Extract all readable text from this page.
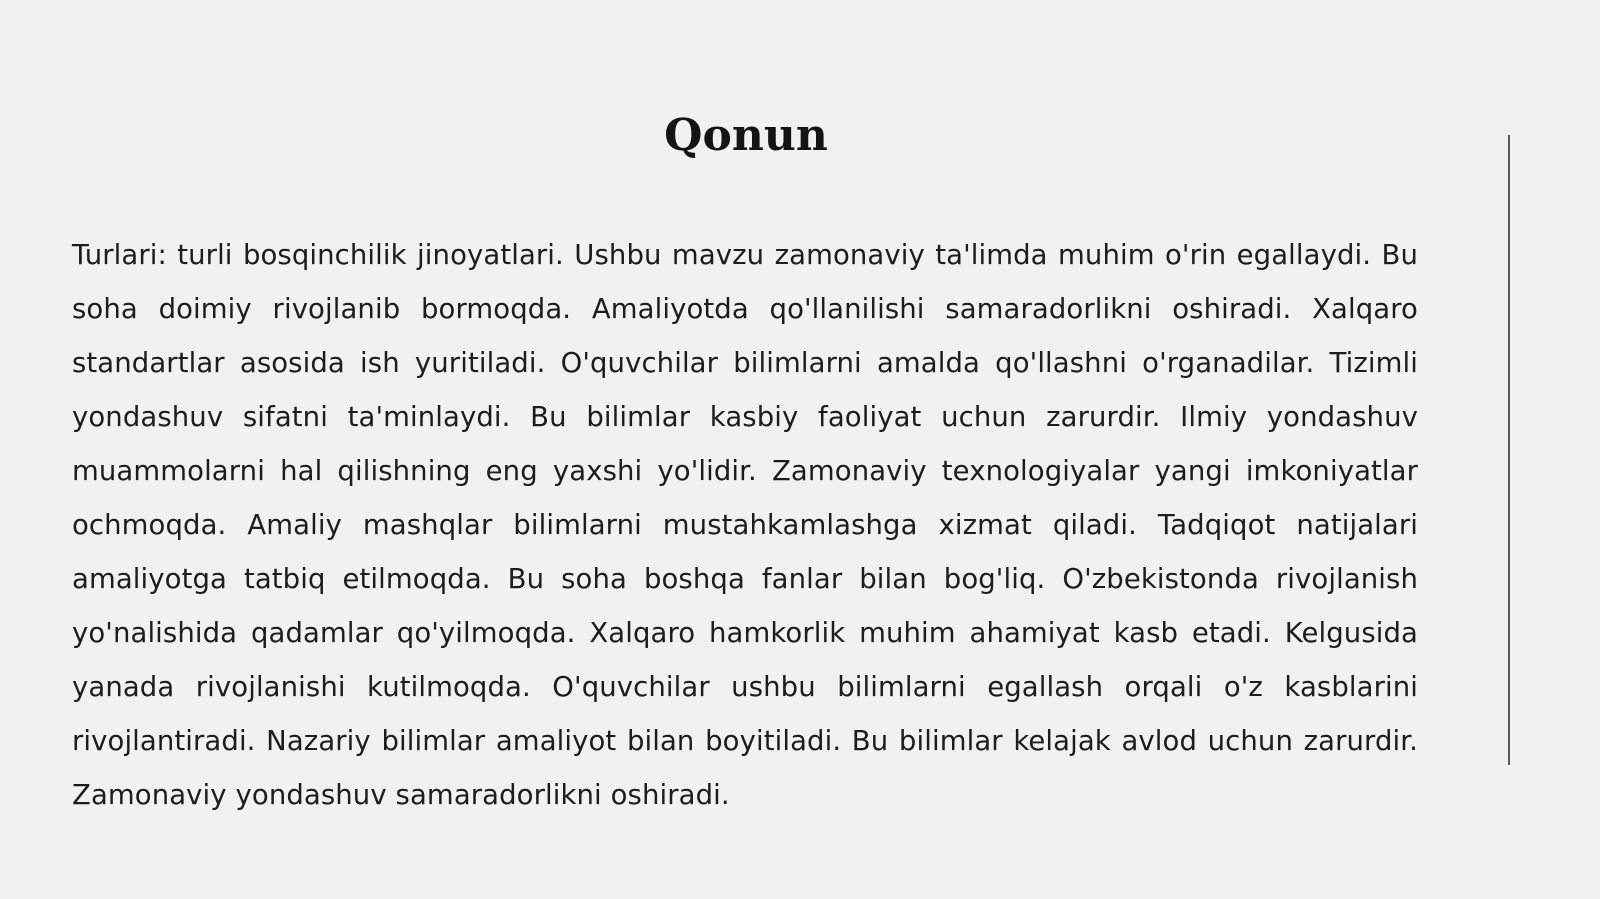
Qonun

Turlari: turli bosqinchilik jinoyatlari. Ushbu mavzu zamonaviy ta'limda muhim o'rin egallaydi. Bu soha doimiy rivojlanib bormoqda. Amaliyotda qo'llanilishi samaradorlikni oshiradi. Xalqaro standartlar asosida ish yuritiladi. O'quvchilar bilimlarni amalda qo'llashni o'rganadilar. Tizimli yondashuv sifatni ta'minlaydi. Bu bilimlar kasbiy faoliyat uchun zarurdir. Ilmiy yondashuv muammolarni hal qilishning eng yaxshi yo'lidir. Zamonaviy texnologiyalar yangi imkoniyatlar ochmoqda. Amaliy mashqlar bilimlarni mustahkamlashga xizmat qiladi. Tadqiqot natijalari amaliyotga tatbiq etilmoqda. Bu soha boshqa fanlar bilan bog'liq. O'zbekistonda rivojlanish yo'nalishida qadamlar qo'yilmoqda. Xalqaro hamkorlik muhim ahamiyat kasb etadi. Kelgusida yanada rivojlanishi kutilmoqda. O'quvchilar ushbu bilimlarni egallash orqali o'z kasblarini rivojlantiradi. Nazariy bilimlar amaliyot bilan boyitiladi. Bu bilimlar kelajak avlod uchun zarurdir. Zamonaviy yondashuv samaradorlikni oshiradi.
